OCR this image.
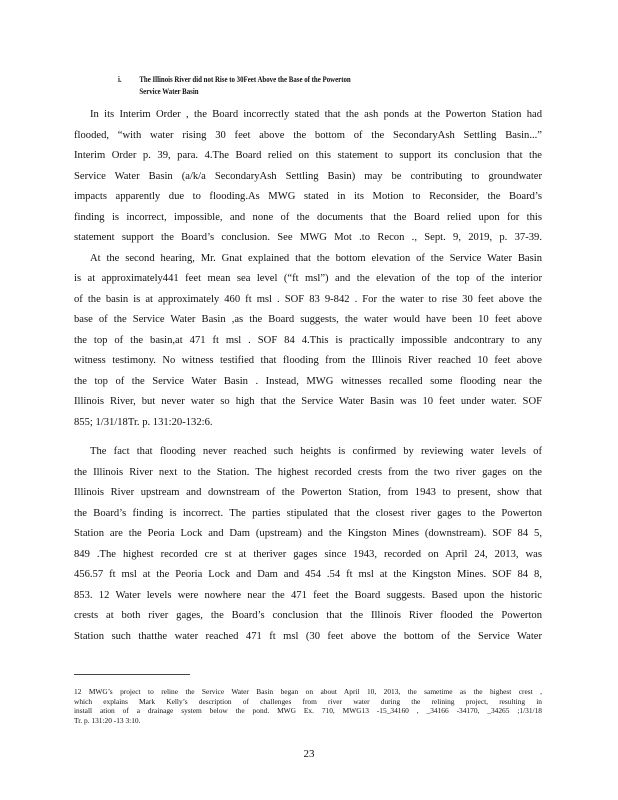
i. The Illinois River did not Rise to 30Feet Above the Base of the Powerton
Service Water Basin
In its Interim Order , the Board incorrectly stated that the ash ponds at the Powerton Station had
flooded, “with water rising 30 feet above the bottom of the SecondaryAsh Settling Basin...”
Interim Order p. 39, para. 4.The Board relied on this statement to support its conclusion that the
Service Water Basin (a/k/a SecondaryAsh Settling Basin) may be contributing to groundwater
impacts apparently due to flooding.As MWG stated in its Motion to Reconsider, the Board’s
finding is incorrect, impossible, and none of the documents that the Board relied upon for this
statement support the Board’s conclusion. See MWG Mot .to Recon ., Sept. 9, 2019, p. 37-39.
At the second hearing, Mr. Gnat explained that the bottom elevation of the Service Water Basin
is at approximately441 feet mean sea level (“ft msl”) and the elevation of the top of the interior
of the basin is at approximately 460 ft msl . SOF 83 9-842 . For the water to rise 30 feet above the
base of the Service Water Basin ,as the Board suggests, the water would have been 10 feet above
the top of the basin,at 471 ft msl . SOF 84 4.This is practically impossible andcontrary to any
witness testimony. No witness testified that flooding from the Illinois River reached 10 feet above
the top of the Service Water Basin . Instead, MWG witnesses recalled some flooding near the
Illinois River, but never water so high that the Service Water Basin was 10 feet under water. SOF
855; 1/31/18Tr. p. 131:20-132:6.
The fact that flooding never reached such heights is confirmed by reviewing water levels of
the Illinois River next to the Station. The highest recorded crests from the two river gages on the
Illinois River upstream and downstream of the Powerton Station, from 1943 to present, show that
the Board’s finding is incorrect. The parties stipulated that the closest river gages to the Powerton
Station are the Peoria Lock and Dam (upstream) and the Kingston Mines (downstream). SOF 84 5,
849 .The highest recorded cre st at theriver gages since 1943, recorded on April 24, 2013, was
456.57 ft msl at the Peoria Lock and Dam and 454 .54 ft msl at the Kingston Mines. SOF 84 8,
853. 12 Water levels were nowhere near the 471 feet the Board suggests. Based upon the historic
crests at both river gages, the Board’s conclusion that the Illinois River flooded the Powerton
Station such thatthe water reached 471 ft msl (30 feet above the bottom of the Service Water
12 MWG’s project to reline the Service Water Basin began on about April 10, 2013, the sametime as the highest crest ,
which explains Mark Kelly’s description of challenges from river water during the relining project, resulting in
install ation of a drainage system below the pond. MWG Ex. 710, MWG13 -15_34160 , _34166 -34170, _34265 ;1/31/18
Tr. p. 131:20 -13 3:10.
23
